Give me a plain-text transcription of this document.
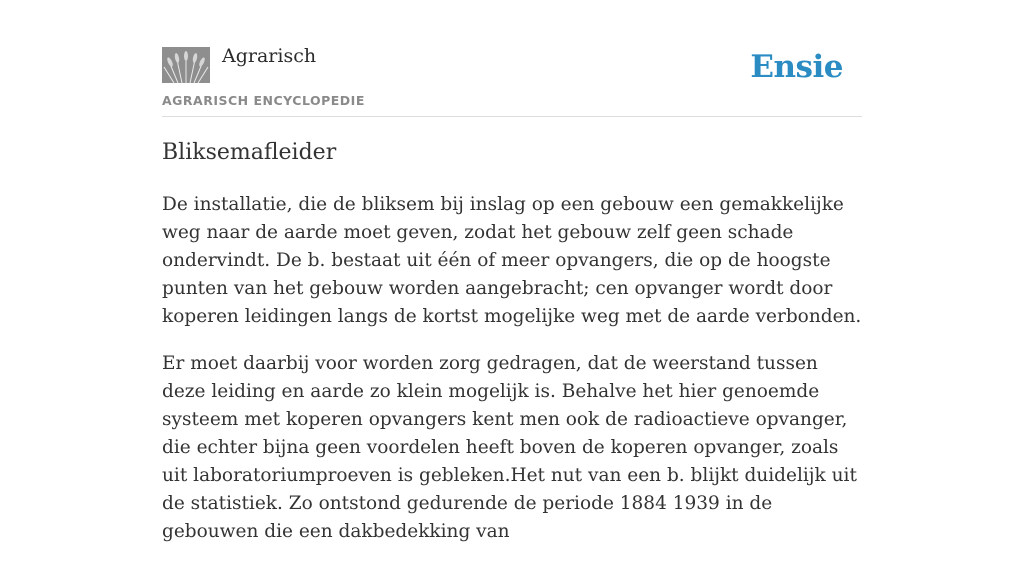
Agrarisch
AGRARISCH ENCYCLOPEDIE
Ensie
Bliksemafleider

De installatie, die de bliksem bij inslag op een gebouw een gemakkelijke weg naar de aarde moet geven, zodat het gebouw zelf geen schade ondervindt. De b. bestaat uit één of meer opvangers, die op de hoogste punten van het gebouw worden aangebracht; cen opvanger wordt door koperen leidingen langs de kortst mogelijke weg met de aarde verbonden.

Er moet daarbij voor worden zorg gedragen, dat de weerstand tussen deze leiding en aarde zo klein mogelijk is. Behalve het hier genoemde systeem met koperen opvangers kent men ook de radioactieve opvanger, die echter bijna geen voordelen heeft boven de koperen opvanger, zoals uit laboratoriumproeven is gebleken.Het nut van een b. blijkt duidelijk uit de statistiek. Zo ontstond gedurende de periode 1884 1939 in de gebouwen die een dakbedekking van
